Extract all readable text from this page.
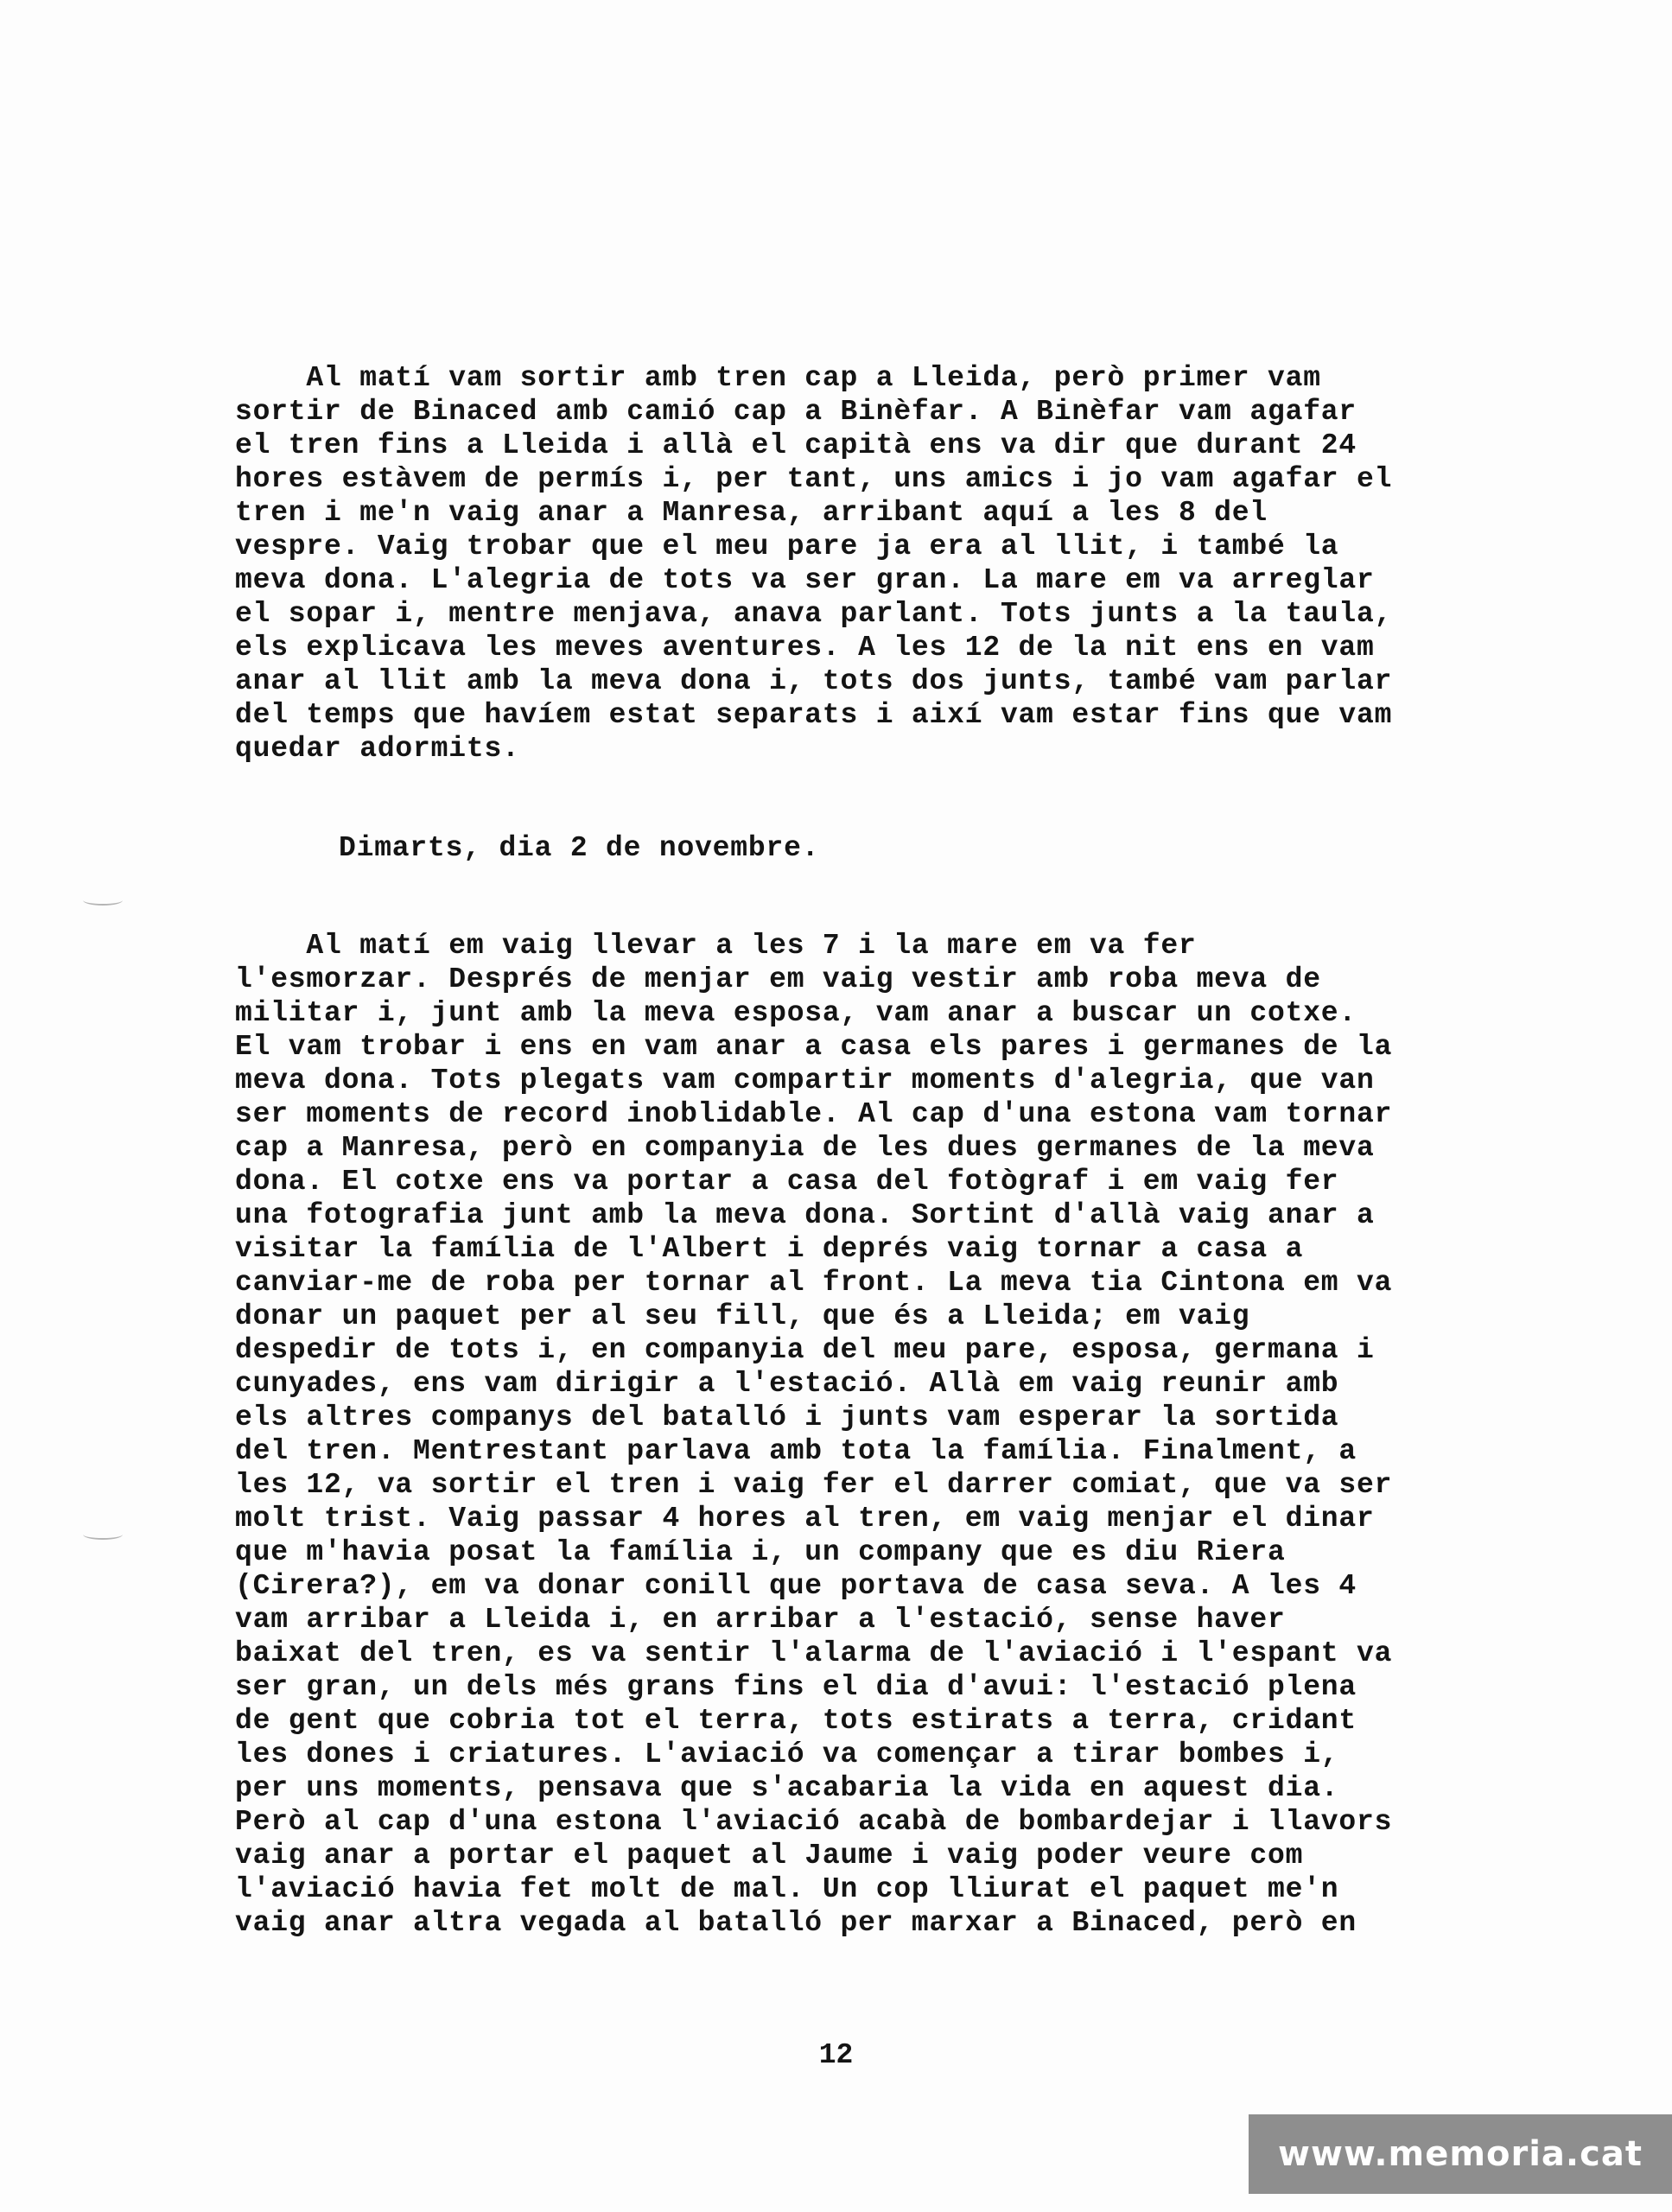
Al matí vam sortir amb tren cap a Lleida, però primer vam
sortir de Binaced amb camió cap a Binèfar. A Binèfar vam agafar
el tren fins a Lleida i allà el capità ens va dir que durant 24
hores estàvem de permís i, per tant, uns amics i jo vam agafar el
tren i me'n vaig anar a Manresa, arribant aquí a les 8 del
vespre. Vaig trobar que el meu pare ja era al llit, i també la
meva dona. L'alegria de tots va ser gran. La mare em va arreglar
el sopar i, mentre menjava, anava parlant. Tots junts a la taula,
els explicava les meves aventures. A les 12 de la nit ens en vam
anar al llit amb la meva dona i, tots dos junts, també vam parlar
del temps que havíem estat separats i així vam estar fins que vam
quedar adormits.
Dimarts, dia 2 de novembre.
Al matí em vaig llevar a les 7 i la mare em va fer
l'esmorzar. Després de menjar em vaig vestir amb roba meva de
militar i, junt amb la meva esposa, vam anar a buscar un cotxe.
El vam trobar i ens en vam anar a casa els pares i germanes de la
meva dona. Tots plegats vam compartir moments d'alegria, que van
ser moments de record inoblidable. Al cap d'una estona vam tornar
cap a Manresa, però en companyia de les dues germanes de la meva
dona. El cotxe ens va portar a casa del fotògraf i em vaig fer
una fotografia junt amb la meva dona. Sortint d'allà vaig anar a
visitar la família de l'Albert i deprés vaig tornar a casa a
canviar-me de roba per tornar al front. La meva tia Cintona em va
donar un paquet per al seu fill, que és a Lleida; em vaig
despedir de tots i, en companyia del meu pare, esposa, germana i
cunyades, ens vam dirigir a l'estació. Allà em vaig reunir amb
els altres companys del batalló i junts vam esperar la sortida
del tren. Mentrestant parlava amb tota la família. Finalment, a
les 12, va sortir el tren i vaig fer el darrer comiat, que va ser
molt trist. Vaig passar 4 hores al tren, em vaig menjar el dinar
que m'havia posat la família i, un company que es diu Riera
(Cirera?), em va donar conill que portava de casa seva. A les 4
vam arribar a Lleida i, en arribar a l'estació, sense haver
baixat del tren, es va sentir l'alarma de l'aviació i l'espant va
ser gran, un dels més grans fins el dia d'avui: l'estació plena
de gent que cobria tot el terra, tots estirats a terra, cridant
les dones i criatures. L'aviació va començar a tirar bombes i,
per uns moments, pensava que s'acabaria la vida en aquest dia.
Però al cap d'una estona l'aviació acabà de bombardejar i llavors
vaig anar a portar el paquet al Jaume i vaig poder veure com
l'aviació havia fet molt de mal. Un cop lliurat el paquet me'n
vaig anar altra vegada al batalló per marxar a Binaced, però en
12
www.memoria.cat
